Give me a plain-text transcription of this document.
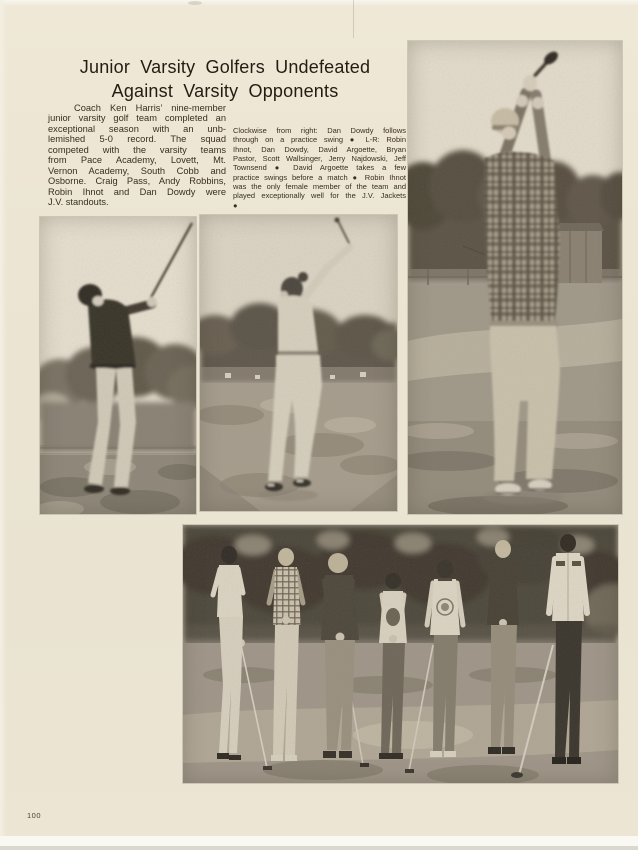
Junior Varsity Golfers Undefeated
Against Varsity Opponents
Coach Ken Harris’ nine-member
junior varsity golf team completed an
exceptional season with an unb-
lemished 5-0 record. The squad
competed with the varsity teams
from Pace Academy, Lovett, Mt.
Vernon Academy, South Cobb and
Osborne. Craig Pass, Andy Robbins,
Robin Ihnot and Dan Dowdy were
J.V. standouts.
Clockwise from right: Dan Dowdy follows
through on a practice swing ● L-R: Robin
Ihnot, Dan Dowdy, David Argoette, Bryan
Pastor, Scott Wallsinger, Jerry Najdowski, Jeff
Townsend ● David Argoette takes a few
practice swings before a match ● Robin Ihnot
was the only female member of the team and
played exceptionally well for the J.V. Jackets
●
100
